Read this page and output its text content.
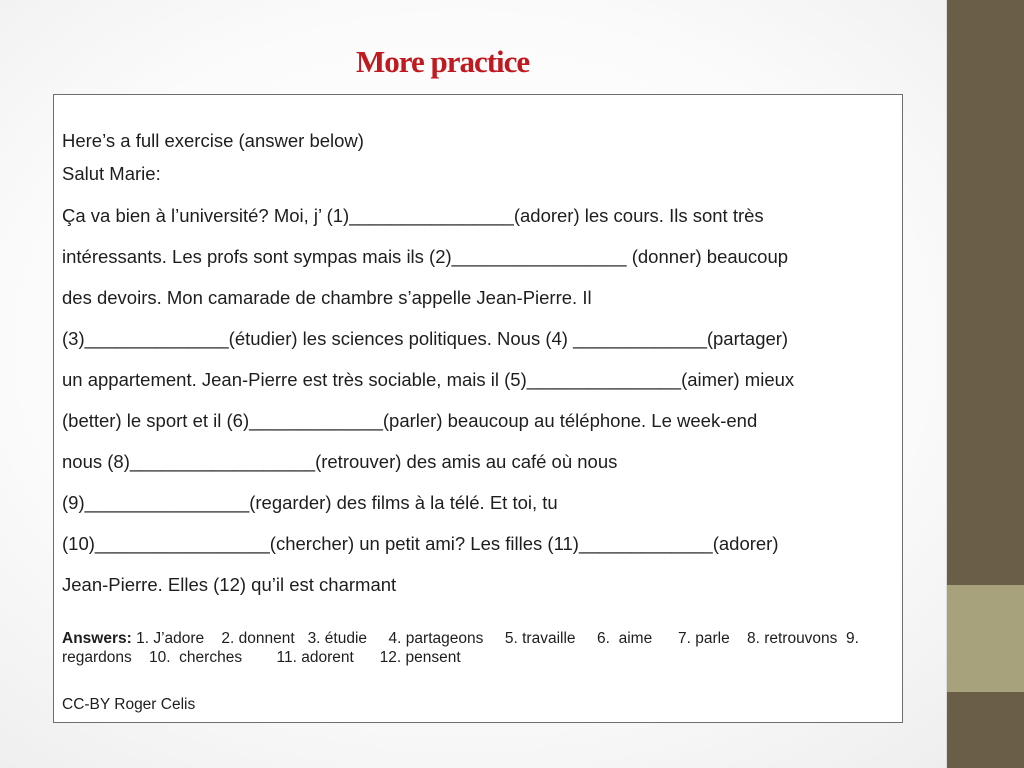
More practice
Here’s a full exercise (answer below)
Salut Marie:
Ça va bien à l’université? Moi, j’ (1)________________(adorer) les cours. Ils sont très
intéressants. Les profs sont sympas mais ils (2)_________________ (donner) beaucoup
des devoirs. Mon camarade de chambre s’appelle Jean-Pierre. Il
(3)______________(étudier) les sciences politiques. Nous (4) _____________(partager)
un appartement. Jean-Pierre est très sociable, mais il (5)_______________(aimer) mieux
(better) le sport et il (6)_____________(parler) beaucoup au téléphone. Le week-end
nous (8)__________________(retrouver) des amis au café où nous
(9)________________(regarder) des films à la télé. Et toi, tu
(10)_________________(chercher) un petit ami? Les filles (11)_____________(adorer)
Jean-Pierre. Elles (12) qu’il est charmant
Answers: 1. J’adore    2. donnent   3. étudie     4. partageons     5. travaille     6.  aime      7. parle    8. retrouvons  9. regardons    10.  cherches        11. adorent      12. pensent
CC-BY Roger Celis
